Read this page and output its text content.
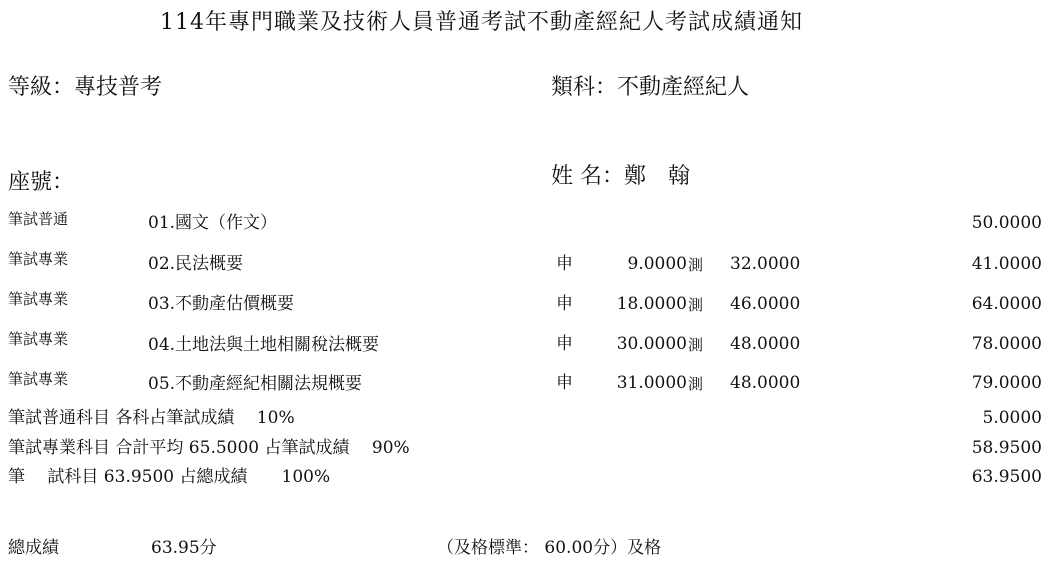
114年專門職業及技術人員普通考試不動產經紀人考試成績通知
等級：專技普考	類科：不動產經紀人
座號：	姓 名：鄭　翰
筆試普通	01.國文（作文）	50.0000
筆試專業	02.民法概要	申	9.0000 測 32.0000	41.0000
筆試專業	03.不動產估價概要	申	18.0000 測 46.0000	64.0000
筆試專業	04.土地法與土地相關稅法概要	申	30.0000 測 48.0000	78.0000
筆試專業	05.不動產經紀相關法規概要	申	31.0000 測 48.0000	79.0000
筆試普通科目 各科占筆試成績　 10%	5.0000
筆試專業科目 合計平均 65.5000 占筆試成績　 90%	58.9500
筆　 試科目 63.9500 占總成績　　100%	63.9500
總成績	63.95分	（及格標準： 60.00分）及格
